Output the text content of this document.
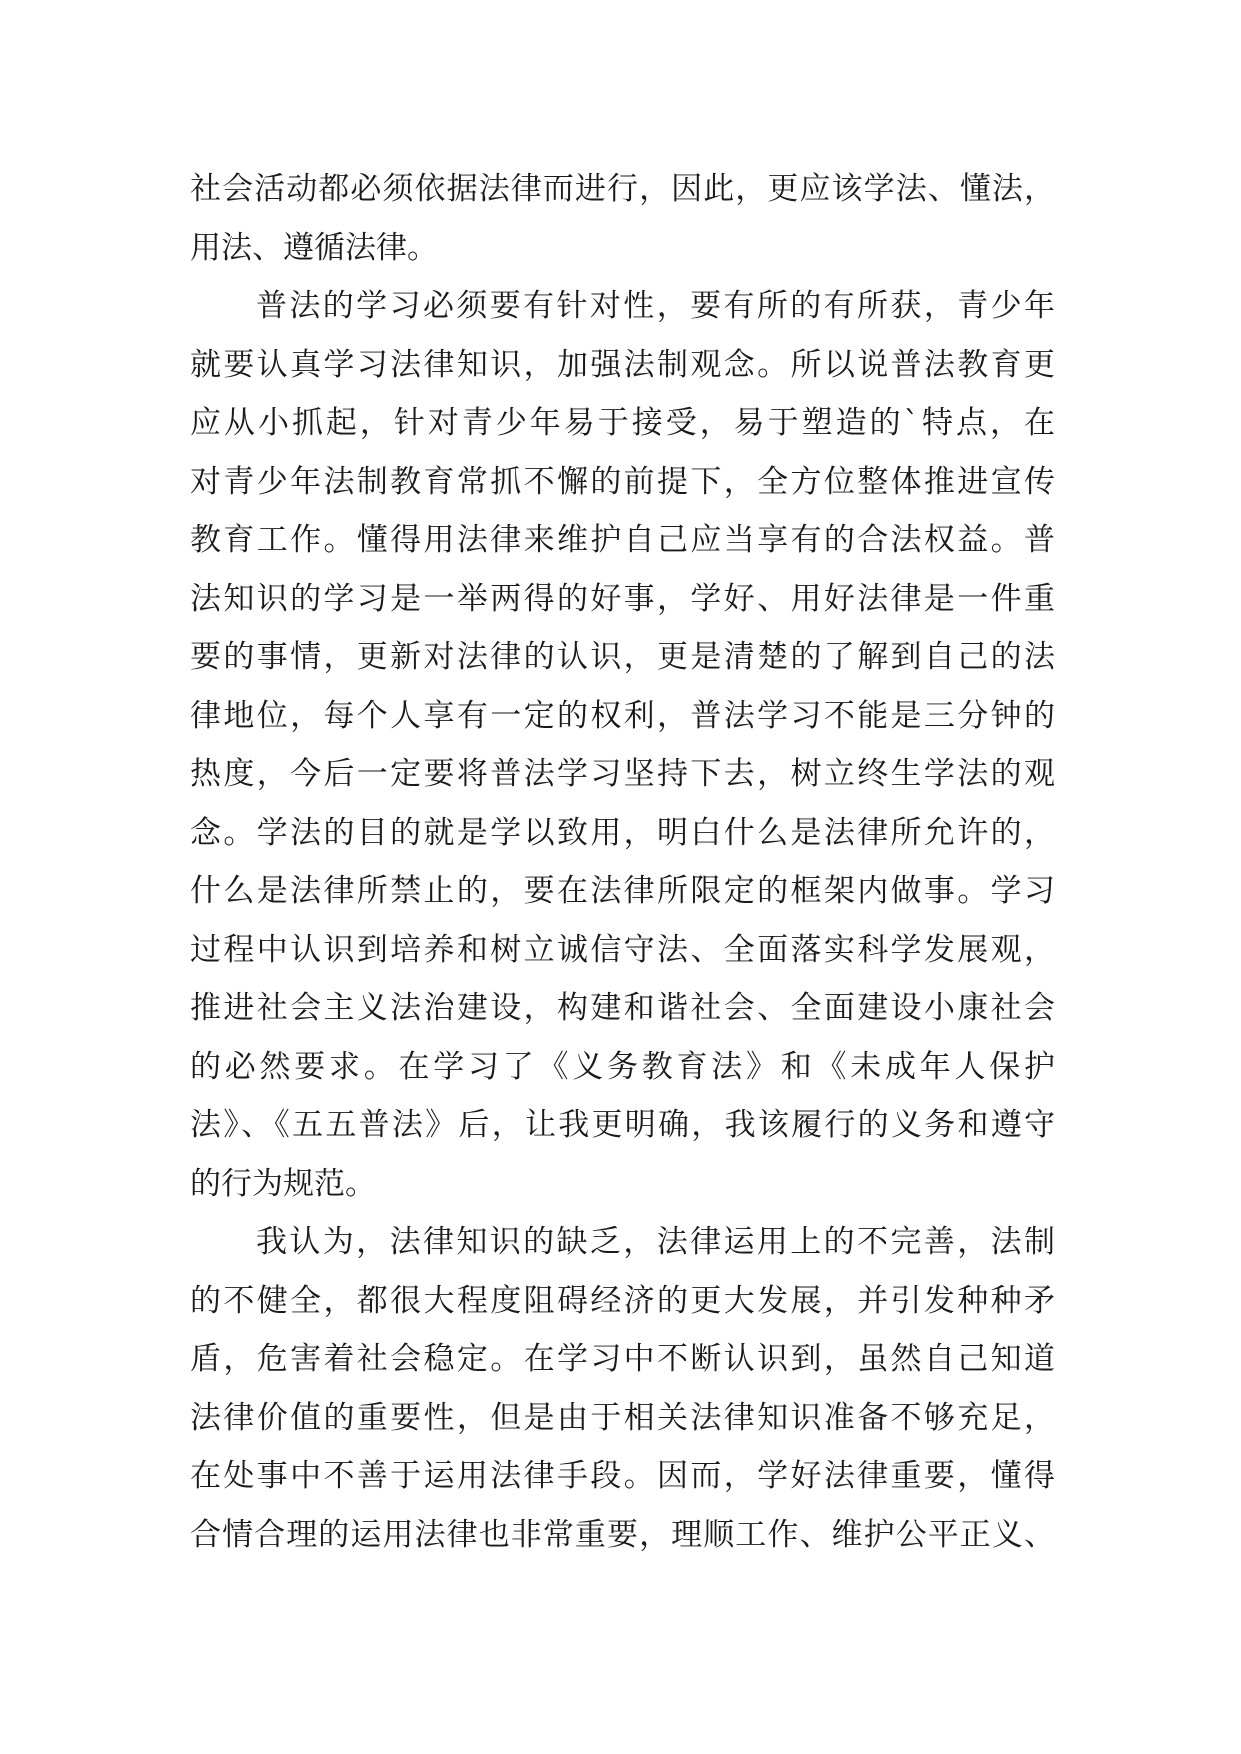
社会活动都必须依据法律而进行，因此，更应该学法、懂法，
用法、遵循法律。
普法的学习必须要有针对性，要有所的有所获，青少年
就要认真学习法律知识，加强法制观念。所以说普法教育更
应从小抓起，针对青少年易于接受，易于塑造的`特点，在
对青少年法制教育常抓不懈的前提下，全方位整体推进宣传
教育工作。懂得用法律来维护自己应当享有的合法权益。普
法知识的学习是一举两得的好事，学好、用好法律是一件重
要的事情，更新对法律的认识，更是清楚的了解到自己的法
律地位，每个人享有一定的权利，普法学习不能是三分钟的
热度，今后一定要将普法学习坚持下去，树立终生学法的观
念。学法的目的就是学以致用，明白什么是法律所允许的，
什么是法律所禁止的，要在法律所限定的框架内做事。学习
过程中认识到培养和树立诚信守法、全面落实科学发展观，
推进社会主义法治建设，构建和谐社会、全面建设小康社会
的必然要求。在学习了《义务教育法》和《未成年人保护
法》、《五五普法》后，让我更明确，我该履行的义务和遵守
的行为规范。
我认为，法律知识的缺乏，法律运用上的不完善，法制
的不健全，都很大程度阻碍经济的更大发展，并引发种种矛
盾，危害着社会稳定。在学习中不断认识到，虽然自己知道
法律价值的重要性，但是由于相关法律知识准备不够充足，
在处事中不善于运用法律手段。因而，学好法律重要，懂得
合情合理的运用法律也非常重要，理顺工作、维护公平正义、
